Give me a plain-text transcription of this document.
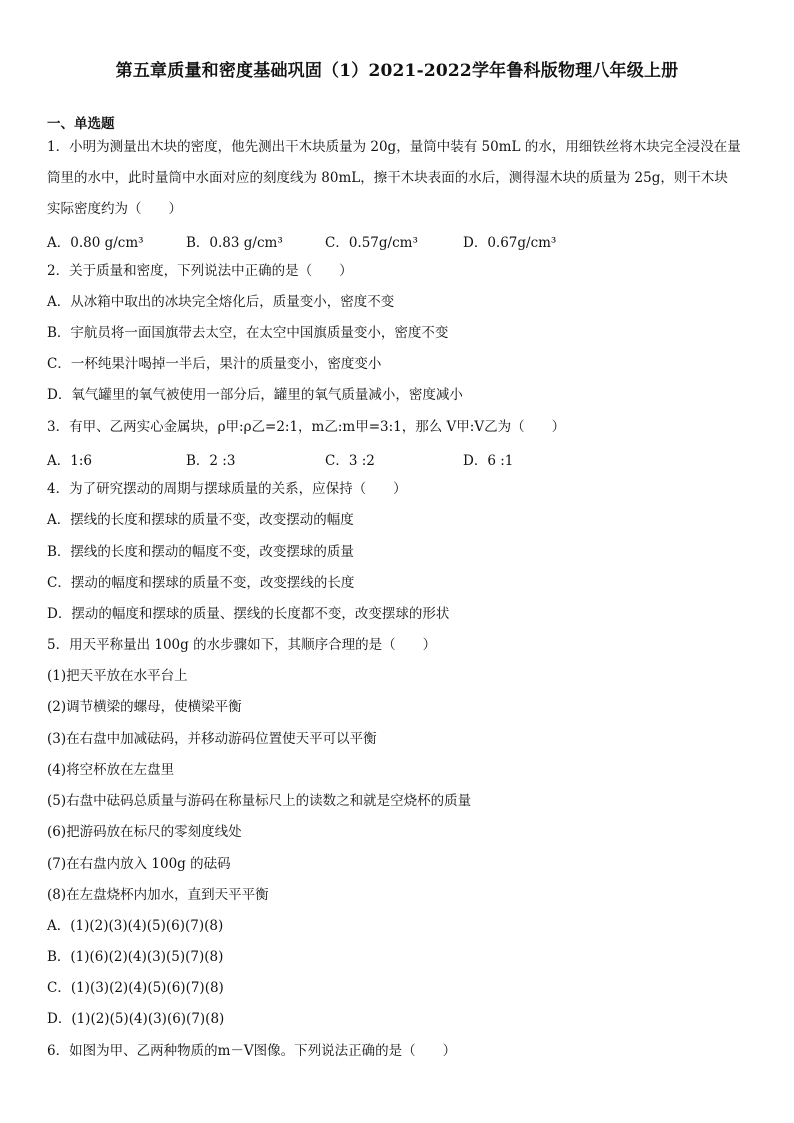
第五章质量和密度基础巩固（1）2021-2022学年鲁科版物理八年级上册
一、单选题
1．小明为测量出木块的密度，他先测出干木块质量为 20g，量筒中装有 50mL 的水，用细铁丝将木块完全浸没在量
筒里的水中，此时量筒中水面对应的刻度线为 80mL，擦干木块表面的水后，测得湿木块的质量为 25g，则干木块
实际密度约为（　　）
A．0.80 g/cm³	B．0.83 g/cm³	C．0.57g/cm³	D．0.67g/cm³
2．关于质量和密度，下列说法中正确的是（　　）
A．从冰箱中取出的冰块完全熔化后，质量变小，密度不变
B．宇航员将一面国旗带去太空，在太空中国旗质量变小，密度不变
C．一杯纯果汁喝掉一半后，果汁的质量变小，密度变小
D．氧气罐里的氧气被使用一部分后，罐里的氧气质量减小，密度减小
3．有甲、乙两实心金属块，ρ甲:ρ乙=2:1，m乙:m甲=3:1，那么 V甲:V乙为（　　）
A．1:6	B．2 :3	C．3 :2	D．6 :1
4．为了研究摆动的周期与摆球质量的关系，应保持（　　）
A．摆线的长度和摆球的质量不变，改变摆动的幅度
B．摆线的长度和摆动的幅度不变，改变摆球的质量
C．摆动的幅度和摆球的质量不变，改变摆线的长度
D．摆动的幅度和摆球的质量、摆线的长度都不变，改变摆球的形状
5．用天平称量出 100g 的水步骤如下，其顺序合理的是（　　）
(1)把天平放在水平台上
(2)调节横梁的螺母，使横梁平衡
(3)在右盘中加减砝码，并移动游码位置使天平可以平衡
(4)将空杯放在左盘里
(5)右盘中砝码总质量与游码在称量标尺上的读数之和就是空烧杯的质量
(6)把游码放在标尺的零刻度线处
(7)在右盘内放入 100g 的砝码
(8)在左盘烧杯内加水，直到天平平衡
A．(1)(2)(3)(4)(5)(6)(7)(8)
B．(1)(6)(2)(4)(3)(5)(7)(8)
C．(1)(3)(2)(4)(5)(6)(7)(8)
D．(1)(2)(5)(4)(3)(6)(7)(8)
6．如图为甲、乙两种物质的m－V图像。下列说法正确的是（　　）
